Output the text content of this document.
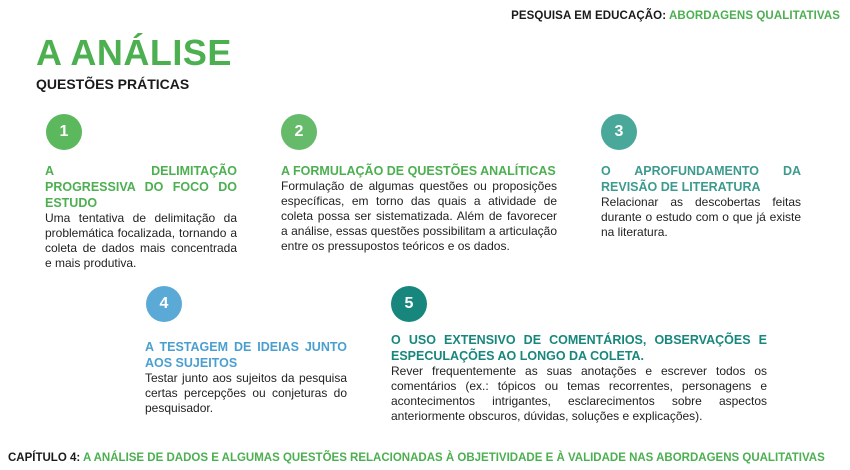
PESQUISA EM EDUCAÇÃO: ABORDAGENS QUALITATIVAS
A ANÁLISE
QUESTÕES PRÁTICAS
1
A DELIMITAÇÃO PROGRESSIVA DO FOCO DO ESTUDO
Uma tentativa de delimitação da problemática focalizada, tornando a coleta de dados mais concentrada e mais produtiva.
2
A FORMULAÇÃO DE QUESTÕES ANALÍTICAS
Formulação de algumas questões ou proposições específicas, em torno das quais a atividade de coleta possa ser sistematizada. Além de favorecer a análise, essas questões possibilitam a articulação entre os pressupostos teóricos e os dados.
3
O APROFUNDAMENTO DA REVISÃO DE LITERATURA
Relacionar as descobertas feitas durante o estudo com o que já existe na literatura.
4
A TESTAGEM DE IDEIAS JUNTO AOS SUJEITOS
Testar junto aos sujeitos da pesquisa certas percepções ou conjeturas do pesquisador.
5
O USO EXTENSIVO DE COMENTÁRIOS, OBSERVAÇÕES E ESPECULAÇÕES AO LONGO DA COLETA.
Rever frequentemente as suas anotações e escrever todos os comentários (ex.: tópicos ou temas recorrentes, personagens e acontecimentos intrigantes, esclarecimentos sobre aspectos anteriormente obscuros, dúvidas, soluções e explicações).
CAPÍTULO 4: A ANÁLISE DE DADOS E ALGUMAS QUESTÕES RELACIONADAS À OBJETIVIDADE E À VALIDADE NAS ABORDAGENS QUALITATIVAS
